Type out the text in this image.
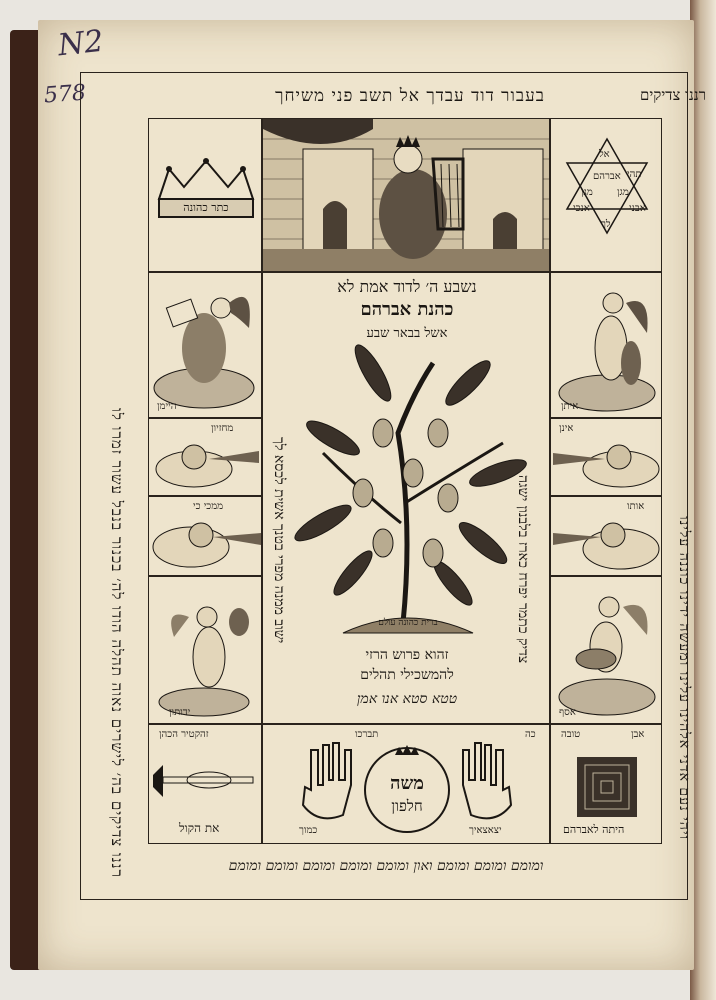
N2
578	בעבור דוד עבדך אל תשב פני משיחך	רננו צדיקים
רננו צדיקים בה׳ לישרים נאוה תהלה הודו לה׳ בכנור בנבל עשור זמרו לו	ויהי נעם אדני אלהינו עלינו ומעשה ידינו כוננה עלינו
ומומם ומומם ומומם ואון ומומם ומומם ומומם ומומם ומומם
כתר כהונה
אל
אברהם
מגן מגן
אנכי
לך
תהי
אבני
היימן
מחזיון
ממכי כי
ידותון
איתן
אינן
אותו
אסף
נשבע ה׳ לדוד אמת לא
כהנת אברהם
אשל בבאר שבע
ישוב ממנה מפרי בטנך אשית לכסא לך	צדיק כתמר יפרח כארז בלבנון ישגה
ברית כהונה עולם
זהוא פרוש הרזי
להמשכילי תהלים
טטא סטא אנו אמן
זהקטיר הכהן
את הקול
תברכו	כה
משה
חלפון
כמוך	יצאצאיך
טובה	אבן
היתה לאברהם
